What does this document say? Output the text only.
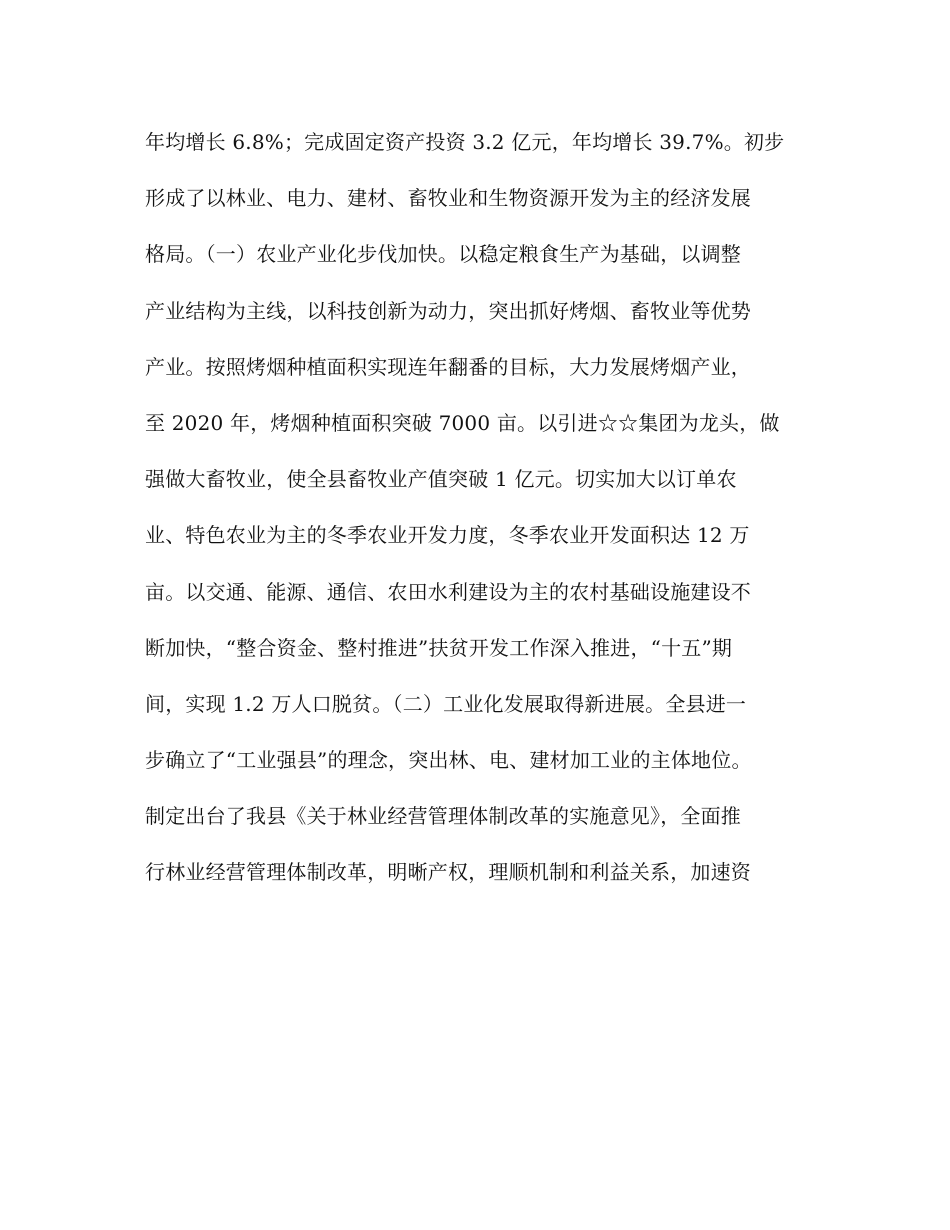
年均增长 6.8%；完成固定资产投资 3.2 亿元，年均增长 39.7%。初步
形成了以林业、电力、建材、畜牧业和生物资源开发为主的经济发展
格局。（一）农业产业化步伐加快。以稳定粮食生产为基础，以调整
产业结构为主线，以科技创新为动力，突出抓好烤烟、畜牧业等优势
产业。按照烤烟种植面积实现连年翻番的目标，大力发展烤烟产业，
至 2020 年，烤烟种植面积突破 7000 亩。以引进☆☆集团为龙头，做
强做大畜牧业，使全县畜牧业产值突破 1 亿元。切实加大以订单农
业、特色农业为主的冬季农业开发力度，冬季农业开发面积达 12 万
亩。以交通、能源、通信、农田水利建设为主的农村基础设施建设不
断加快，“整合资金、整村推进”扶贫开发工作深入推进，“十五”期
间，实现 1.2 万人口脱贫。（二）工业化发展取得新进展。全县进一
步确立了“工业强县”的理念，突出林、电、建材加工业的主体地位。
制定出台了我县《关于林业经营管理体制改革的实施意见》，全面推
行林业经营管理体制改革，明晰产权，理顺机制和利益关系，加速资
